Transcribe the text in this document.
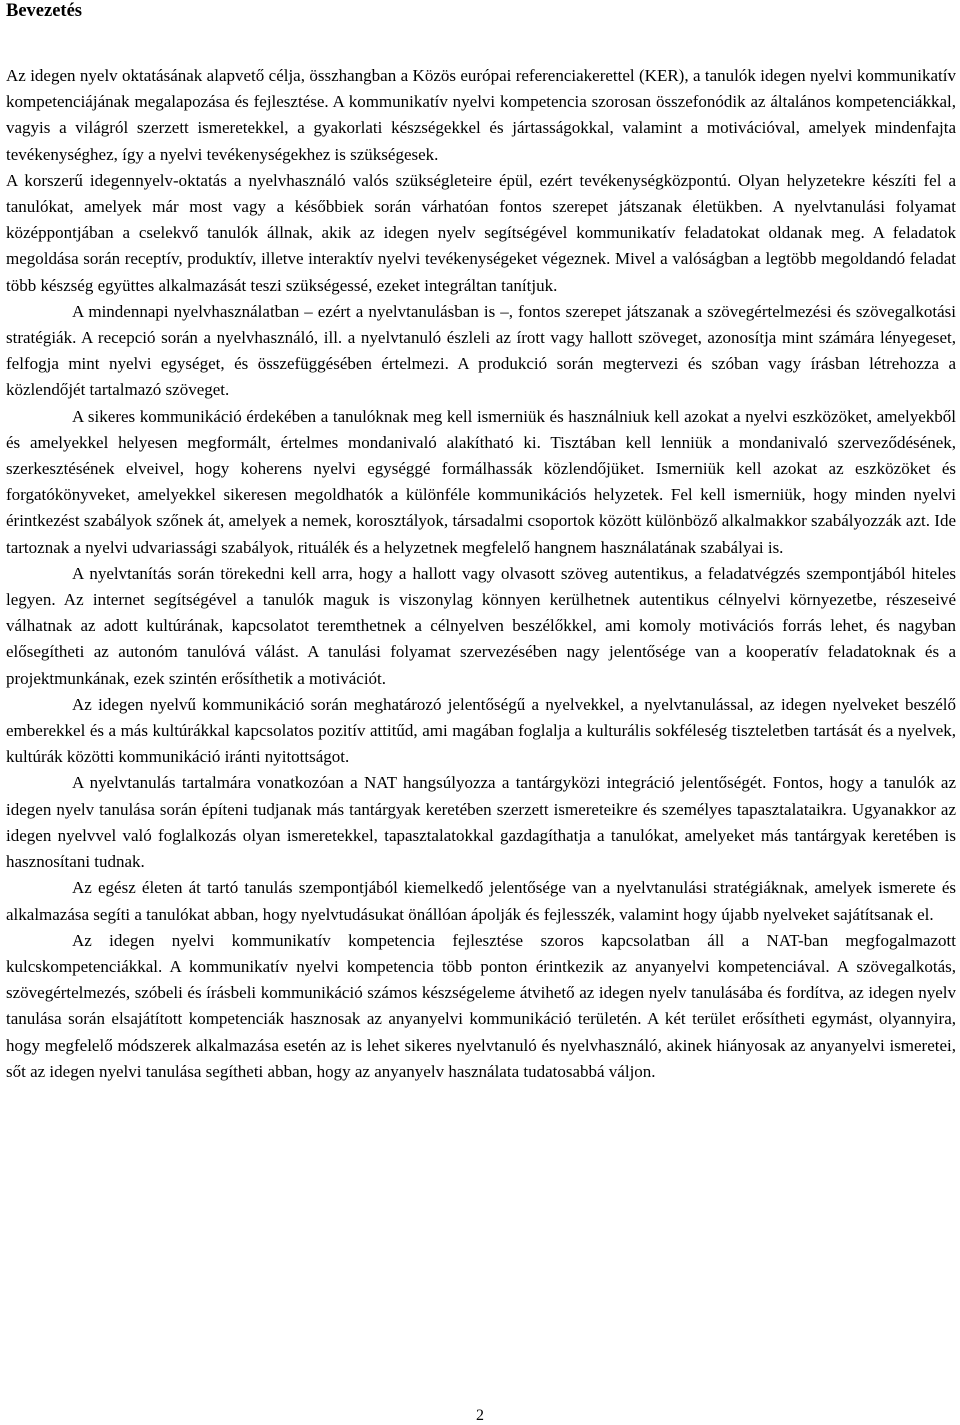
Bevezetés

Az idegen nyelv oktatásának alapvető célja, összhangban a Közös európai referenciakerettel (KER), a tanulók idegen nyelvi kommunikatív kompetenciájának megalapozása és fejlesztése. A kommunikatív nyelvi kompetencia szorosan összefonódik az általános kompetenciákkal, vagyis a világról szerzett ismeretekkel, a gyakorlati készségekkel és jártasságokkal, valamint a motivációval, amelyek mindenfajta tevékenységhez, így a nyelvi tevékenységekhez is szükségesek.

A korszerű idegennyelv-oktatás a nyelvhasználó valós szükségleteire épül, ezért tevékenységközpontú. Olyan helyzetekre készíti fel a tanulókat, amelyek már most vagy a későbbiek során várhatóan fontos szerepet játszanak életükben. A nyelvtanulási folyamat középpontjában a cselekvő tanulók állnak, akik az idegen nyelv segítségével kommunikatív feladatokat oldanak meg. A feladatok megoldása során receptív, produktív, illetve interaktív nyelvi tevékenységeket végeznek. Mivel a valóságban a legtöbb megoldandó feladat több készség együttes alkalmazását teszi szükségessé, ezeket integráltan tanítjuk.

A mindennapi nyelvhasználatban – ezért a nyelvtanulásban is –, fontos szerepet játszanak a szövegértelmezési és szövegalkotási stratégiák. A recepció során a nyelvhasználó, ill. a nyelvtanuló észleli az írott vagy hallott szöveget, azonosítja mint számára lényegeset, felfogja mint nyelvi egységet, és összefüggésében értelmezi. A produkció során megtervezi és szóban vagy írásban létrehozza a közlendőjét tartalmazó szöveget.

A sikeres kommunikáció érdekében a tanulóknak meg kell ismerniük és használniuk kell azokat a nyelvi eszközöket, amelyekből és amelyekkel helyesen megformált, értelmes mondanivaló alakítható ki. Tisztában kell lenniük a mondanivaló szerveződésének, szerkesztésének elveivel, hogy koherens nyelvi egységgé formálhassák közlendőjüket. Ismerniük kell azokat az eszközöket és forgatókönyveket, amelyekkel sikeresen megoldhatók a különféle kommunikációs helyzetek. Fel kell ismerniük, hogy minden nyelvi érintkezést szabályok szőnek át, amelyek a nemek, korosztályok, társadalmi csoportok között különböző alkalmakkor szabályozzák azt. Ide tartoznak a nyelvi udvariassági szabályok, rituálék és a helyzetnek megfelelő hangnem használatának szabályai is.

A nyelvtanítás során törekedni kell arra, hogy a hallott vagy olvasott szöveg autentikus, a feladatvégzés szempontjából hiteles legyen. Az internet segítségével a tanulók maguk is viszonylag könnyen kerülhetnek autentikus célnyelvi környezetbe, részeseivé válhatnak az adott kultúrának, kapcsolatot teremthetnek a célnyelven beszélőkkel, ami komoly motivációs forrás lehet, és nagyban elősegítheti az autonóm tanulóvá válást. A tanulási folyamat szervezésében nagy jelentősége van a kooperatív feladatoknak és a projektmunkának, ezek szintén erősíthetik a motivációt.

Az idegen nyelvű kommunikáció során meghatározó jelentőségű a nyelvekkel, a nyelvtanulással, az idegen nyelveket beszélő emberekkel és a más kultúrákkal kapcsolatos pozitív attitűd, ami magában foglalja a kulturális sokféleség tiszteletben tartását és a nyelvek, kultúrák közötti kommunikáció iránti nyitottságot.

A nyelvtanulás tartalmára vonatkozóan a NAT hangsúlyozza a tantárgyközi integráció jelentőségét. Fontos, hogy a tanulók az idegen nyelv tanulása során építeni tudjanak más tantárgyak keretében szerzett ismereteikre és személyes tapasztalataikra. Ugyanakkor az idegen nyelvvel való foglalkozás olyan ismeretekkel, tapasztalatokkal gazdagíthatja a tanulókat, amelyeket más tantárgyak keretében is hasznosítani tudnak.

Az egész életen át tartó tanulás szempontjából kiemelkedő jelentősége van a nyelvtanulási stratégiáknak, amelyek ismerete és alkalmazása segíti a tanulókat abban, hogy nyelvtudásukat önállóan ápolják és fejlesszék, valamint hogy újabb nyelveket sajátítsanak el.

Az idegen nyelvi kommunikatív kompetencia fejlesztése szoros kapcsolatban áll a NAT-ban megfogalmazott kulcskompetenciákkal. A kommunikatív nyelvi kompetencia több ponton érintkezik az anyanyelvi kompetenciával. A szövegalkotás, szövegértelmezés, szóbeli és írásbeli kommunikáció számos készségeleme átvihető az idegen nyelv tanulásába és fordítva, az idegen nyelv tanulása során elsajátított kompetenciák hasznosak az anyanyelvi kommunikáció területén. A két terület erősítheti egymást, olyannyira, hogy megfelelő módszerek alkalmazása esetén az is lehet sikeres nyelvtanuló és nyelvhasználó, akinek hiányosak az anyanyelvi ismeretei, sőt az idegen nyelvi tanulása segítheti abban, hogy az anyanyelv használata tudatosabbá váljon.

2
